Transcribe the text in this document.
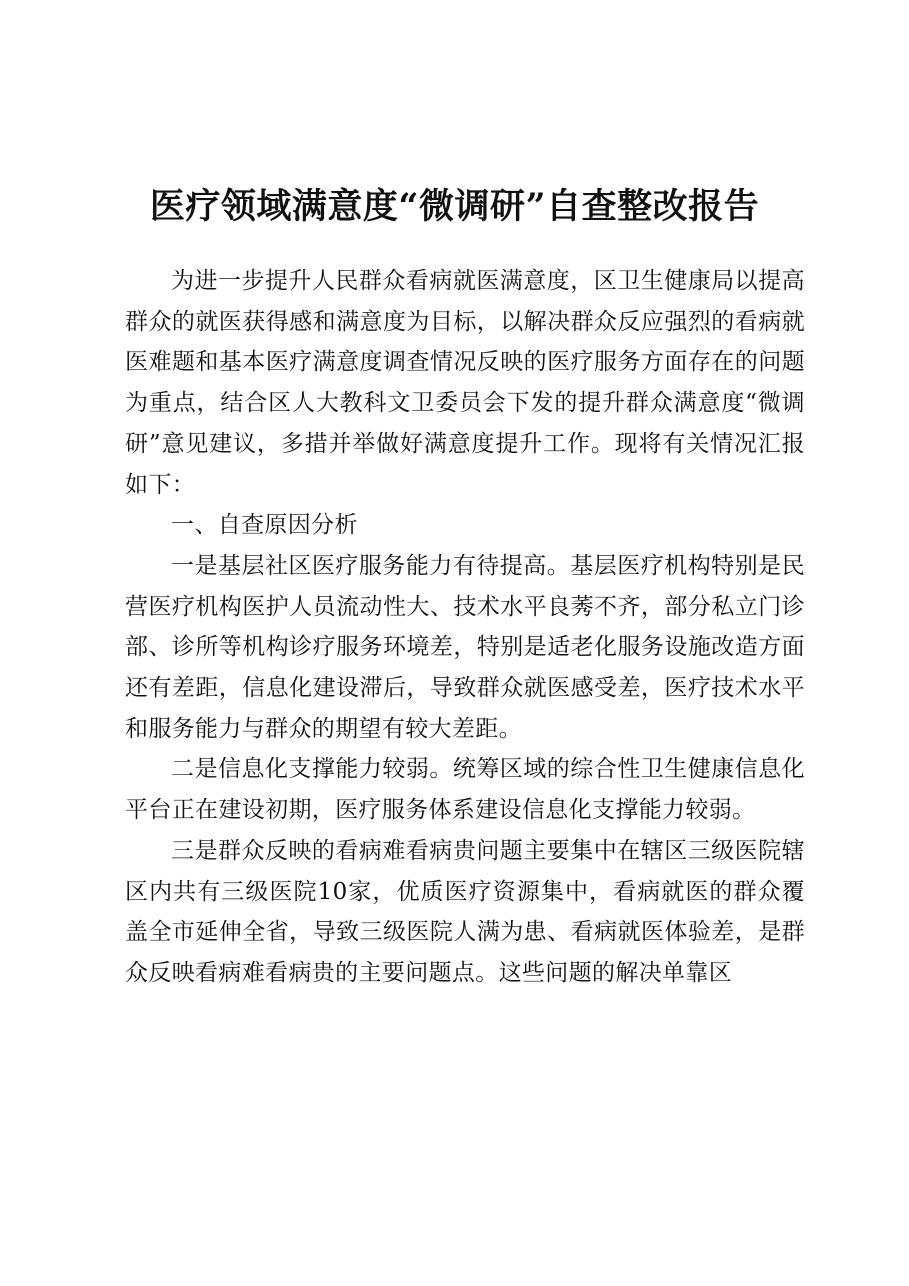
医疗领域满意度“微调研”自查整改报告

为进一步提升人民群众看病就医满意度，区卫生健康局以提高群众的就医获得感和满意度为目标，以解决群众反应强烈的看病就医难题和基本医疗满意度调查情况反映的医疗服务方面存在的问题为重点，结合区人大教科文卫委员会下发的提升群众满意度“微调研”意见建议，多措并举做好满意度提升工作。现将有关情况汇报如下：

一、自查原因分析

一是基层社区医疗服务能力有待提高。基层医疗机构特别是民营医疗机构医护人员流动性大、技术水平良莠不齐，部分私立门诊部、诊所等机构诊疗服务环境差，特别是适老化服务设施改造方面还有差距，信息化建设滞后，导致群众就医感受差，医疗技术水平和服务能力与群众的期望有较大差距。

二是信息化支撑能力较弱。统筹区域的综合性卫生健康信息化平台正在建设初期，医疗服务体系建设信息化支撑能力较弱。

三是群众反映的看病难看病贵问题主要集中在辖区三级医院辖区内共有三级医院10家，优质医疗资源集中，看病就医的群众覆盖全市延伸全省，导致三级医院人满为患、看病就医体验差，是群众反映看病难看病贵的主要问题点。这些问题的解决单靠区
